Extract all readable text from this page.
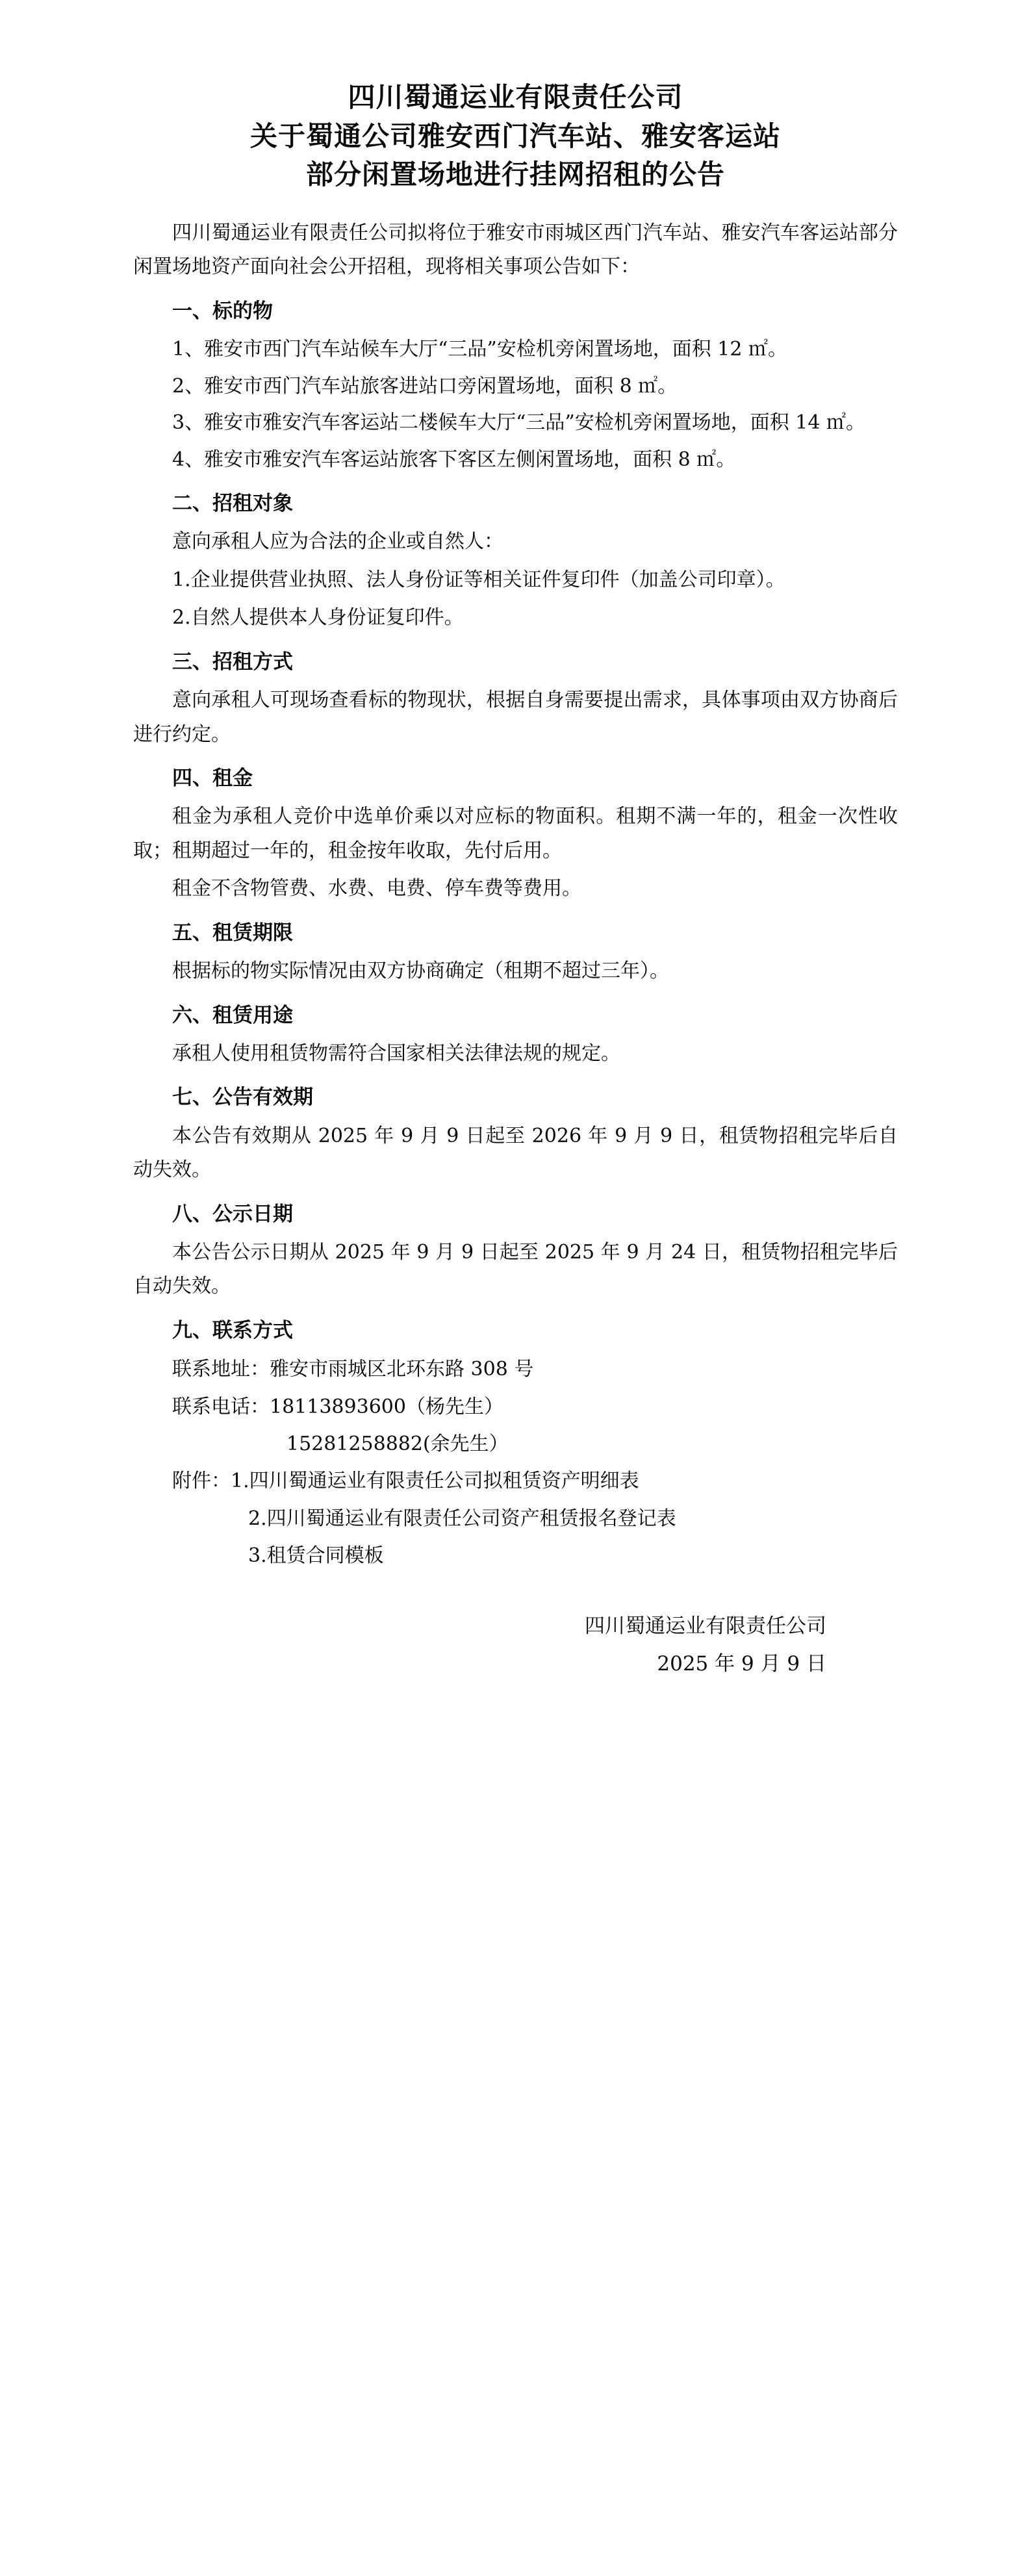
四川蜀通运业有限责任公司
关于蜀通公司雅安西门汽车站、雅安客运站
部分闲置场地进行挂网招租的公告

四川蜀通运业有限责任公司拟将位于雅安市雨城区西门汽车站、雅安汽车客运站部分闲置场地资产面向社会公开招租，现将相关事项公告如下：

一、标的物

1、雅安市西门汽车站候车大厅“三品”安检机旁闲置场地，面积 12 ㎡。

2、雅安市西门汽车站旅客进站口旁闲置场地，面积 8 ㎡。

3、雅安市雅安汽车客运站二楼候车大厅“三品”安检机旁闲置场地，面积 14 ㎡。

4、雅安市雅安汽车客运站旅客下客区左侧闲置场地，面积 8 ㎡。

二、招租对象

意向承租人应为合法的企业或自然人：

1.企业提供营业执照、法人身份证等相关证件复印件（加盖公司印章）。

2.自然人提供本人身份证复印件。

三、招租方式

意向承租人可现场查看标的物现状，根据自身需要提出需求，具体事项由双方协商后进行约定。

四、租金

租金为承租人竞价中选单价乘以对应标的物面积。租期不满一年的，租金一次性收取；租期超过一年的，租金按年收取，先付后用。

租金不含物管费、水费、电费、停车费等费用。

五、租赁期限

根据标的物实际情况由双方协商确定（租期不超过三年）。

六、租赁用途

承租人使用租赁物需符合国家相关法律法规的规定。

七、公告有效期

本公告有效期从 2025 年 9 月 9 日起至 2026 年 9 月 9 日，租赁物招租完毕后自动失效。

八、公示日期

本公告公示日期从 2025 年 9 月 9 日起至 2025 年 9 月 24 日，租赁物招租完毕后自动失效。

九、联系方式

联系地址：雅安市雨城区北环东路 308 号

联系电话：18113893600（杨先生）

15281258882(余先生）

附件：1.四川蜀通运业有限责任公司拟租赁资产明细表

2.四川蜀通运业有限责任公司资产租赁报名登记表

3.租赁合同模板

四川蜀通运业有限责任公司
2025 年 9 月 9 日
